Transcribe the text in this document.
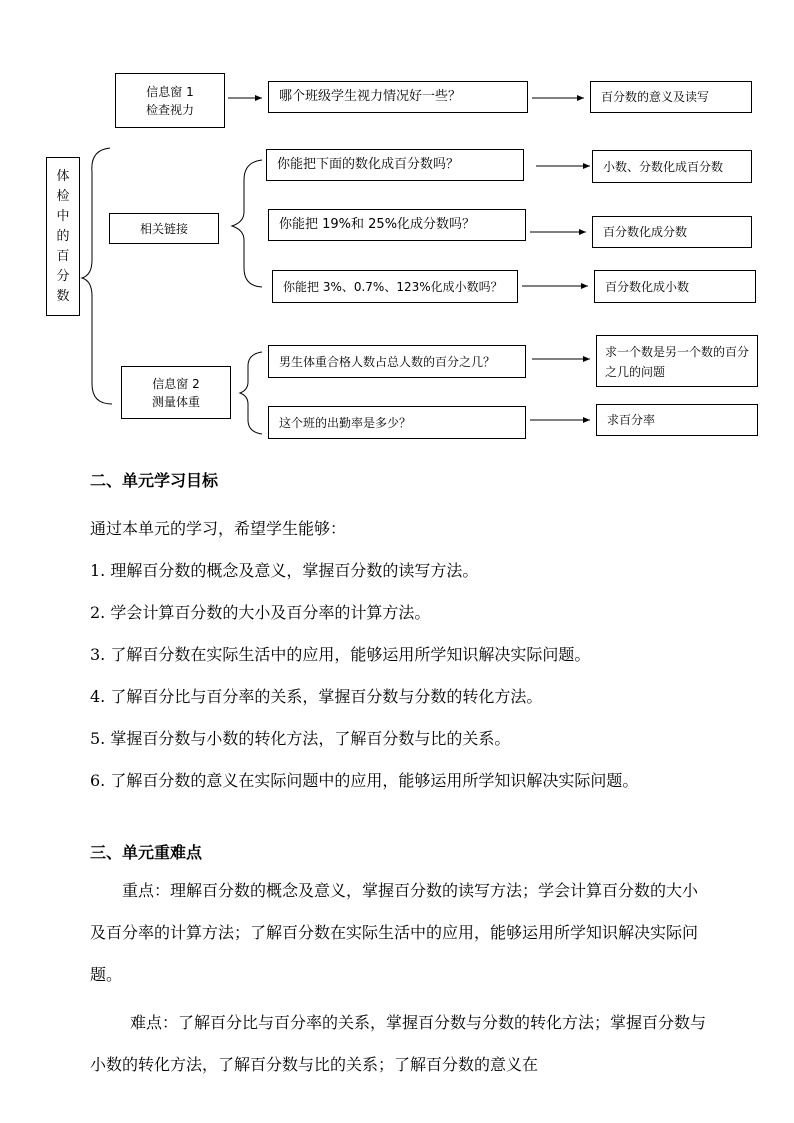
体
检
中
的
百
分
数
信息窗 1
检查视力
哪个班级学生视力情况好一些？	百分数的意义及读写
相关链接
你能把下面的数化成百分数吗？	小数、分数化成百分数
你能把 19%和 25%化成分数吗？	百分数化成分数
你能把 3%、0.7%、123%化成小数吗？	百分数化成小数
信息窗 2
测量体重
男生体重合格人数占总人数的百分之几？
求一个数是另一个数的百分之几的问题
这个班的出勤率是多少？	求百分率
二、单元学习目标
通过本单元的学习，希望学生能够：
1. 理解百分数的概念及意义，掌握百分数的读写方法。
2. 学会计算百分数的大小及百分率的计算方法。
3. 了解百分数在实际生活中的应用，能够运用所学知识解决实际问题。
4. 了解百分比与百分率的关系，掌握百分数与分数的转化方法。
5. 掌握百分数与小数的转化方法，了解百分数与比的关系。
6. 了解百分数的意义在实际问题中的应用，能够运用所学知识解决实际问题。
三、单元重难点
重点：理解百分数的概念及意义，掌握百分数的读写方法；学会计算百分数的大小及百分率的计算方法；了解百分数在实际生活中的应用，能够运用所学知识解决实际问题。
难点：了解百分比与百分率的关系，掌握百分数与分数的转化方法；掌握百分数与小数的转化方法，了解百分数与比的关系；了解百分数的意义在
